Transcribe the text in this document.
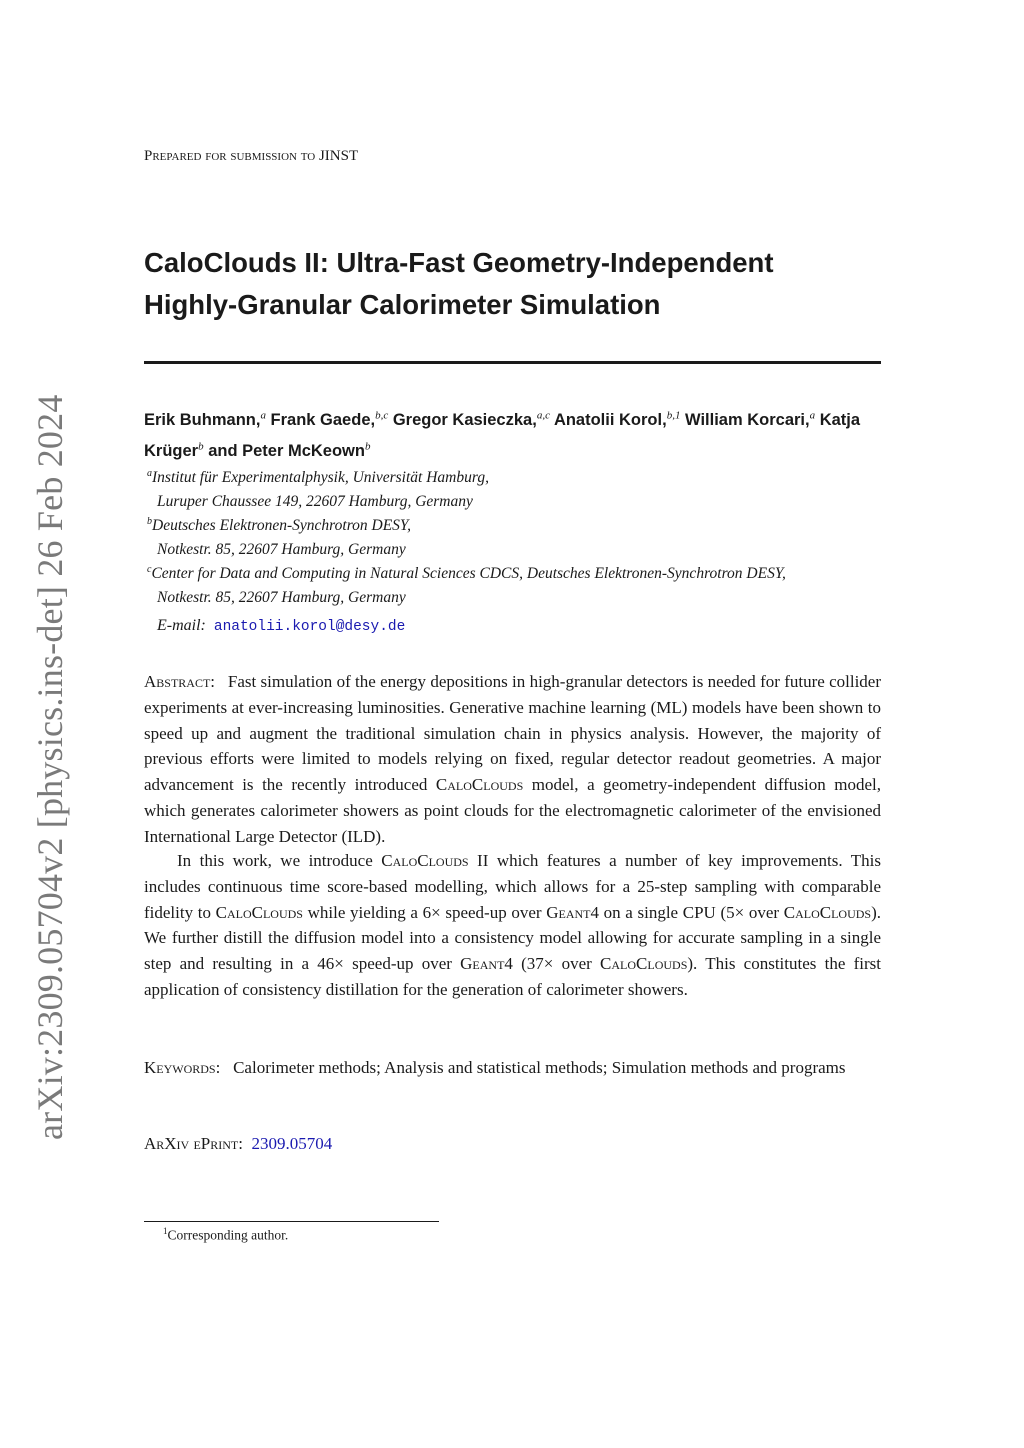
arXiv:2309.05704v2 [physics.ins-det] 26 Feb 2024
Prepared for submission to JINST
CaloClouds II: Ultra-Fast Geometry-Independent
Highly-Granular Calorimeter Simulation
Erik Buhmann,$^a$ Frank Gaede,$^{b,c}$ Gregor Kasieczka,$^{a,c}$ Anatolii Korol,$^{b,1}$ William Korcari,$^a$ Katja Krüger$^b$ and Peter McKeown$^b$
$^a$Institut für Experimentalphysik, Universität Hamburg,
Luruper Chaussee 149, 22607 Hamburg, Germany
$^b$Deutsches Elektronen-Synchrotron DESY,
Notkestr. 85, 22607 Hamburg, Germany
$^c$Center for Data and Computing in Natural Sciences CDCS, Deutsches Elektronen-Synchrotron DESY,
Notkestr. 85, 22607 Hamburg, Germany
E-mail: anatolii.korol@desy.de
Abstract: Fast simulation of the energy depositions in high-granular detectors is needed for future collider experiments at ever-increasing luminosities. Generative machine learning (ML) models have been shown to speed up and augment the traditional simulation chain in physics analysis. However, the majority of previous efforts were limited to models relying on fixed, regular detector readout geometries. A major advancement is the recently introduced CaloClouds model, a geometry-independent diffusion model, which generates calorimeter showers as point clouds for the electromagnetic calorimeter of the envisioned International Large Detector (ILD).
In this work, we introduce CaloClouds II which features a number of key improvements. This includes continuous time score-based modelling, which allows for a 25-step sampling with comparable fidelity to CaloClouds while yielding a 6× speed-up over Geant4 on a single CPU (5× over CaloClouds). We further distill the diffusion model into a consistency model allowing for accurate sampling in a single step and resulting in a 46× speed-up over Geant4 (37× over CaloClouds). This constitutes the first application of consistency distillation for the generation of calorimeter showers.
Keywords: Calorimeter methods; Analysis and statistical methods; Simulation methods and programs
ArXiv ePrint: 2309.05704
$^1$Corresponding author.
